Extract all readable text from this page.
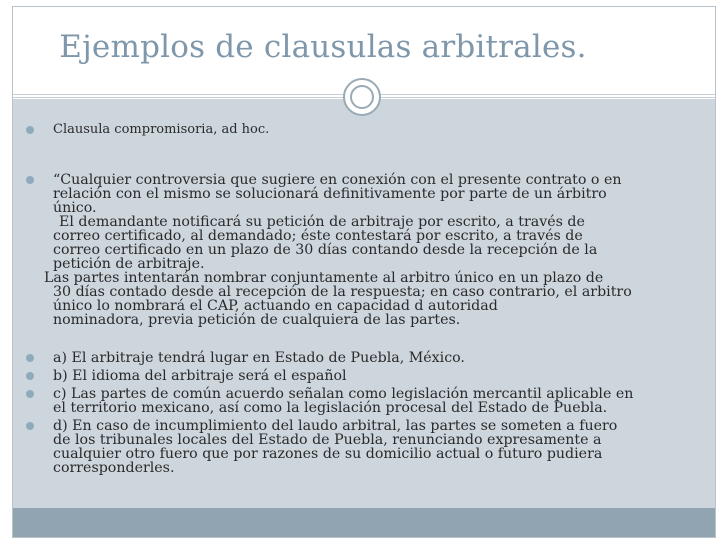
Ejemplos de clausulas arbitrales.

Clausula compromisoria, ad hoc.

“Cualquier controversia que sugiere en conexión con el presente contrato o en
relación con el mismo se solucionará definitivamente por parte de un árbitro
único.
El demandante notificará su petición de arbitraje por escrito, a través de
correo certificado, al demandado; éste contestará por escrito, a través de
correo certificado en un plazo de 30 días contando desde la recepción de la
petición de arbitraje.
Las partes intentarán nombrar conjuntamente al arbitro único en un plazo de
30 días contado desde al recepción de la respuesta; en caso contrario, el arbitro
único lo nombrará el CAP, actuando en capacidad d autoridad
nominadora, previa petición de cualquiera de las partes.

a) El arbitraje tendrá lugar en Estado de Puebla, México.

b) El idioma del arbitraje será el español

c) Las partes de común acuerdo señalan como legislación mercantil aplicable en
el territorio mexicano, así como la legislación procesal del Estado de Puebla.

d) En caso de incumplimiento del laudo arbitral, las partes se someten a fuero
de los tribunales locales del Estado de Puebla, renunciando expresamente a
cualquier otro fuero que por razones de su domicilio actual o futuro pudiera
corresponderles.
